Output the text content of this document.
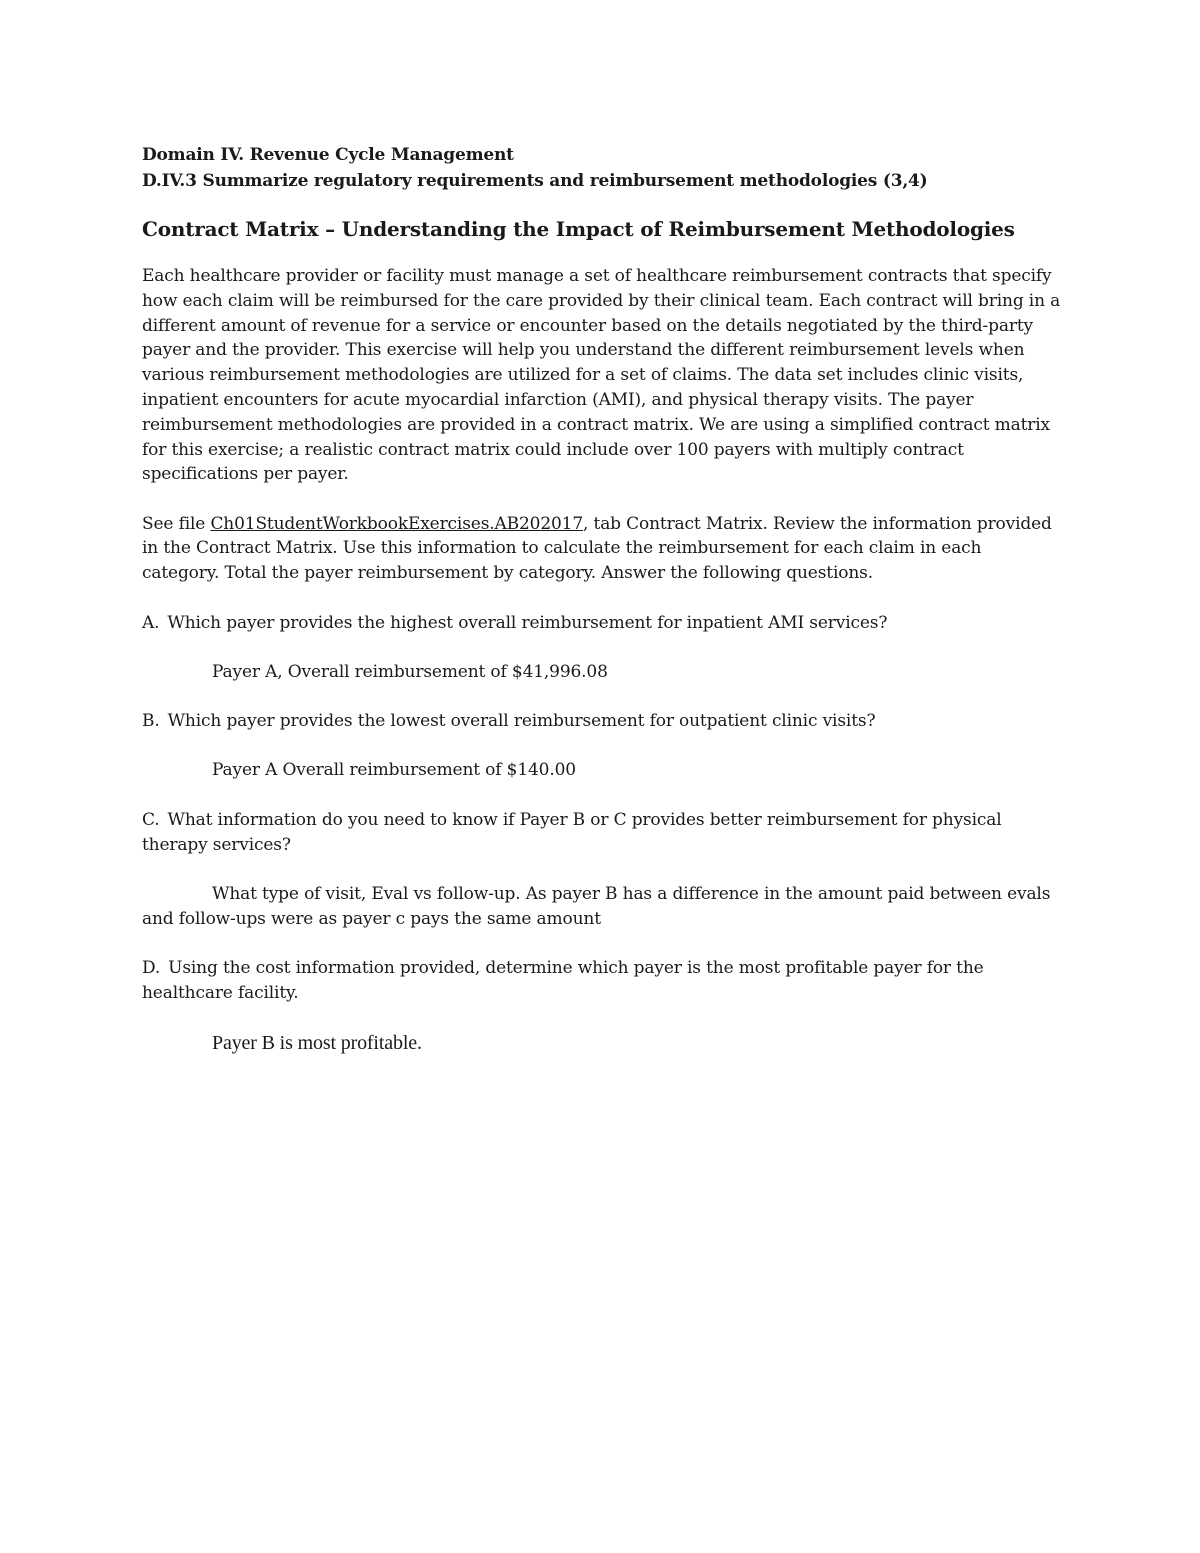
Domain IV. Revenue Cycle Management
D.IV.3 Summarize regulatory requirements and reimbursement methodologies (3,4)
Contract Matrix – Understanding the Impact of Reimbursement Methodologies

Each healthcare provider or facility must manage a set of healthcare reimbursement contracts that specify how each claim will be reimbursed for the care provided by their clinical team. Each contract will bring in a different amount of revenue for a service or encounter based on the details negotiated by the third-party payer and the provider. This exercise will help you understand the different reimbursement levels when various reimbursement methodologies are utilized for a set of claims. The data set includes clinic visits, inpatient encounters for acute myocardial infarction (AMI), and physical therapy visits. The payer reimbursement methodologies are provided in a contract matrix. We are using a simplified contract matrix for this exercise; a realistic contract matrix could include over 100 payers with multiply contract specifications per payer.

See file Ch01StudentWorkbookExercises.AB202017, tab Contract Matrix. Review the information provided in the Contract Matrix. Use this information to calculate the reimbursement for each claim in each category. Total the payer reimbursement by category. Answer the following questions.

A. Which payer provides the highest overall reimbursement for inpatient AMI services?

Payer A, Overall reimbursement of $41,996.08

B. Which payer provides the lowest overall reimbursement for outpatient clinic visits?

Payer A Overall reimbursement of $140.00

C. What information do you need to know if Payer B or C provides better reimbursement for physical therapy services?

What type of visit, Eval vs follow-up. As payer B has a difference in the amount paid between evals and follow-ups were as payer c pays the same amount

D. Using the cost information provided, determine which payer is the most profitable payer for the healthcare facility.

Payer B is most profitable.
